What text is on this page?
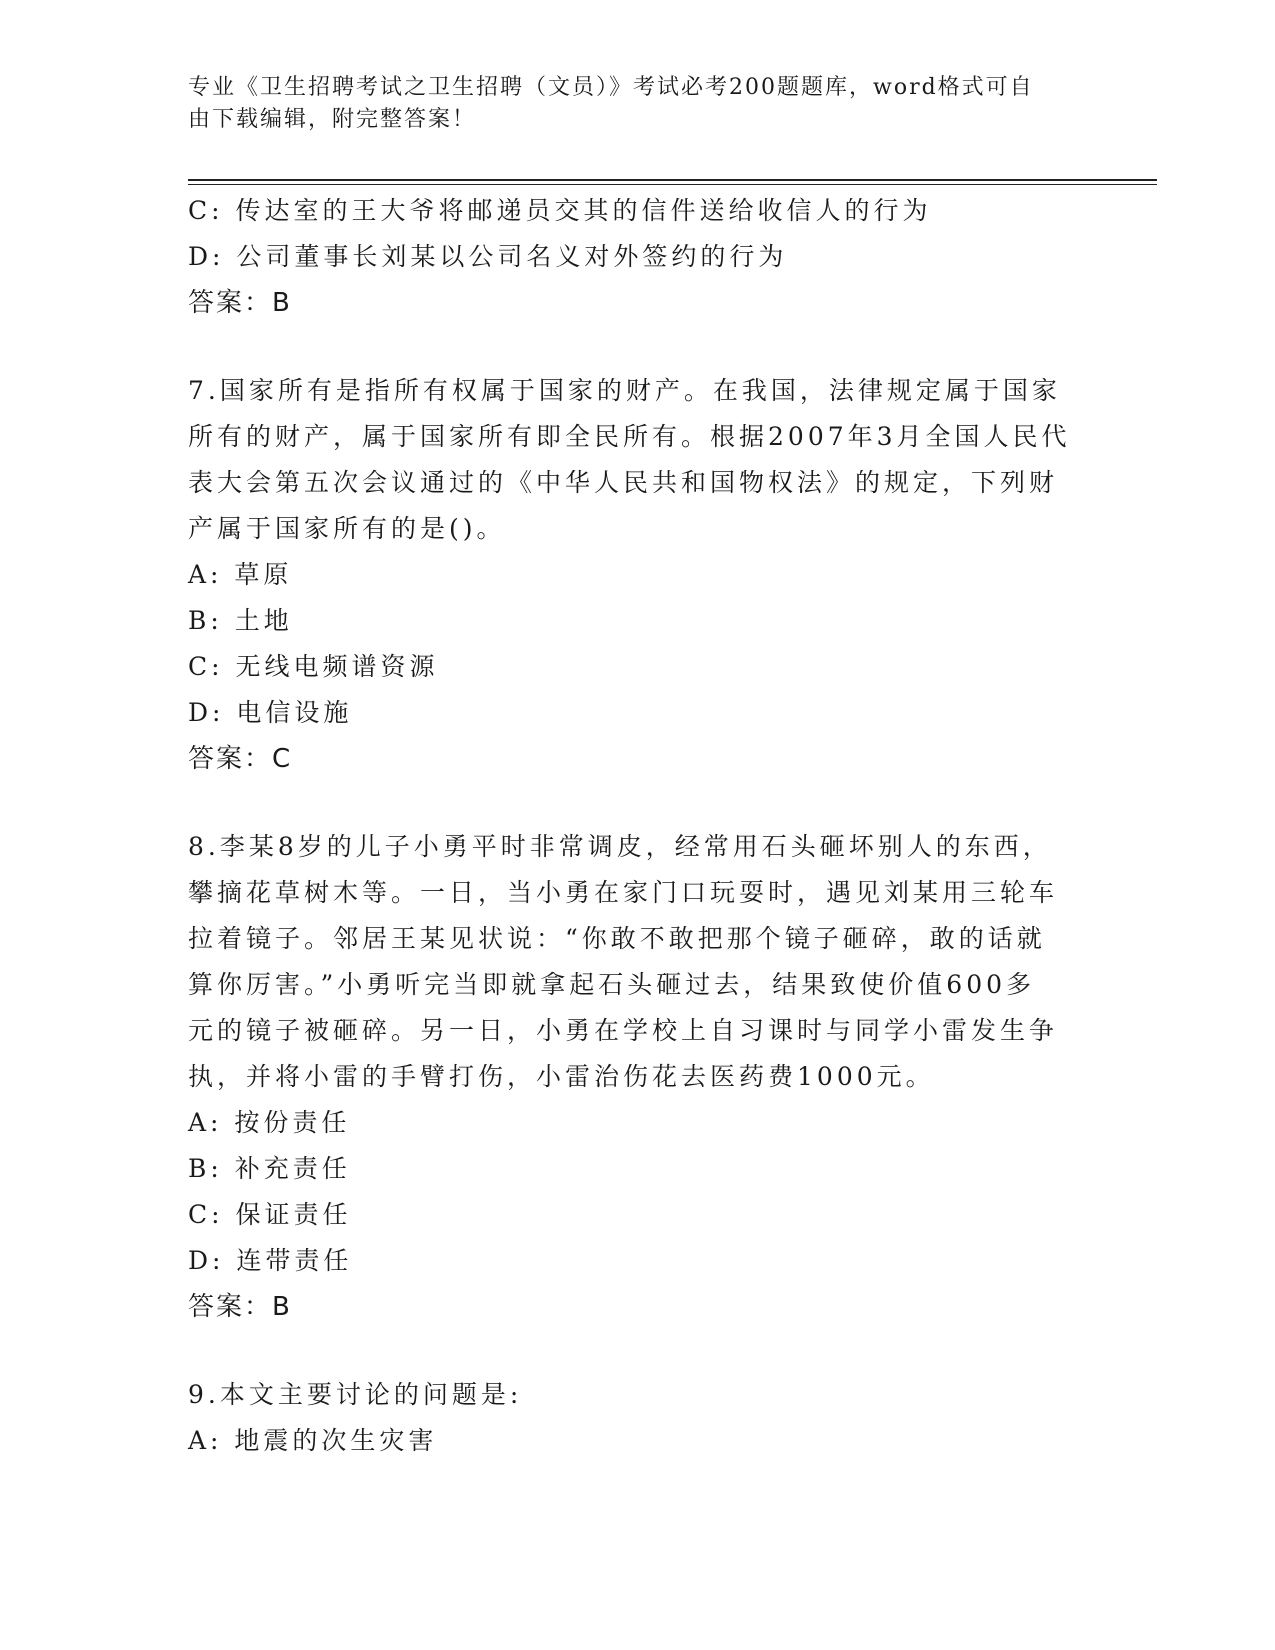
专业《卫生招聘考试之卫生招聘（文员）》考试必考200题题库，word格式可自
由下载编辑，附完整答案！
C: 传达室的王大爷将邮递员交其的信件送给收信人的行为
D: 公司董事长刘某以公司名义对外签约的行为
答案：B
7.国家所有是指所有权属于国家的财产。在我国，法律规定属于国家
所有的财产，属于国家所有即全民所有。根据2007年3月全国人民代
表大会第五次会议通过的《中华人民共和国物权法》的规定，下列财
产属于国家所有的是()。
A: 草原
B: 土地
C: 无线电频谱资源
D: 电信设施
答案：C
8.李某8岁的儿子小勇平时非常调皮，经常用石头砸坏别人的东西，
攀摘花草树木等。一日，当小勇在家门口玩耍时，遇见刘某用三轮车
拉着镜子。邻居王某见状说：“你敢不敢把那个镜子砸碎，敢的话就
算你厉害。”小勇听完当即就拿起石头砸过去，结果致使价值600多
元的镜子被砸碎。另一日，小勇在学校上自习课时与同学小雷发生争
执，并将小雷的手臂打伤，小雷治伤花去医药费1000元。
A: 按份责任
B: 补充责任
C: 保证责任
D: 连带责任
答案：B
9.本文主要讨论的问题是:
A: 地震的次生灾害
